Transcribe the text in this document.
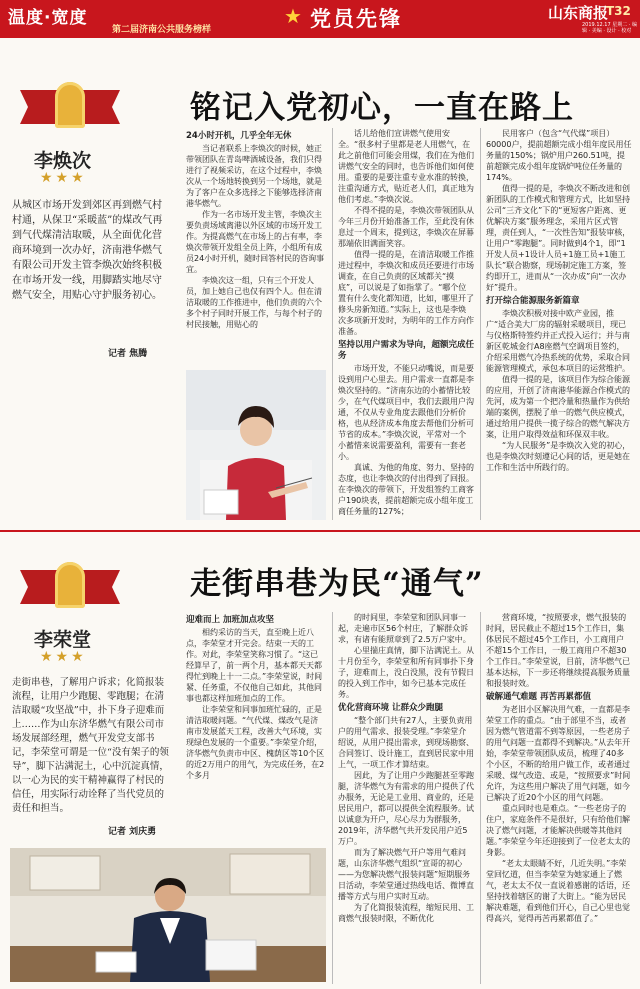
温度·宽度
第二届济南公共服务榜样
★ 党员先锋	山东商报
T32
2019.12.17 星期二 · 编辑 · 美编 · 设计 · 校对
李焕次
★★★
从城区市场开发到郊区再到燃气村村通，从保卫“采暖蓝”的煤改气再到气代煤清洁取暖，从全面优化营商环境到一次办好，济南港华燃气有限公司开发主管李焕次始终积极在市场开发一线，用脚踏实地尽守燃气安全，用贴心守护服务初心。
记者 焦腾
铭记入党初心，一直在路上
24小时开机，几乎全年无休

当记者联系上李焕次的时候，她正带领团队在青岛啤酒城设备，我们只得进行了视频采访，在这个过程中，李焕次从一个场地转换到另一个场地，就是为了客户在众多选择之下能够选择济南港华燃气。

作为一名市场开发主管，李焕次主要负责场域离港以外区域的市场开发工作。为提高燃气在市场上的占有率，李焕次带领开发组全员上阵，小组所有成员24小时开机，随时回答村民的咨询事宜。

李焕次这一组，只有三个开发人员，加上她自己也仅有四个人。但在清洁取暖的工作推进中，他们负责的六个多个村子同时开展工作，与每个村子的村民接触，用贴心的

话儿给他们宣讲燃气使用安全。“很多村子里都是老人用燃气，在此之前他们可能会用煤，我们在为他们讲燃气安全的同时，也告诉他们如何使用。重要的是要注重专业水准的转换，注重沟通方式，贴近老人们，真正地为他们考虑。”李焕次说。

不得不提的是，李焕次带领团队从今年三月份开始准备工作，至此没有休息过一个周末，提到这，李焕次在屏幕那端依旧满面笑容。

值得一提的是，在清洁取暖工作推进过程中，李焕次和成员还要进行市场调查，在自己负责的区域都关“摸底”，可以说是了如指掌了。“哪个位置有什么变化都知道，比如，哪里开了修头房新知道。”实际上，这也是李焕次多项新开发时，为明年的工作方向作准备。

坚持以用户需求为导向，超额完成任务

市场开发，不能只动嘴说，而是要设到用户心里去。用户需求一直都是李焕次坚持的。“济南东边的小蓄惜比较少，在气代煤项目中，我们去跟用户沟通，不仅从专业角度去跟他们分析价格，也从经济成本角度去帮他们分析可节省的成本。”李焕次说，平常对一个小蓄惜来说需要盈利，需要有一套老小。

真诚、为他的角度、努力、坚持的态度，也让李焕次的付出得到了回报。在李焕次的带领下，开发组签约工商客户190块表，提前超额完成小组年度工商任务量的127%；

民用客户（包含“气代煤”项目）60000户，提前超额完成小组年度民用任务量的150%；锅炉用户260.51吨，提前超额完成小组年度锅炉吨位任务量的174%。

值得一提的是，李焕次不断改进和创新团队的工作模式和管理方式，比如坚持公司“三齐文化”下的“更短客户距离、更优解决方案”服务理念，采用片区式管理，责任到人，“一次性告知”报装审核，让用户“零跑腿”。同时做到4个1，即“1开发人员+1设计人员+1施工员+1施工队长”联合勘察，现场制定施工方案，签约即开工，进而从“一次办成”向“一次办好”提升。

打开综合能源服务新篇章

李焕次积极对接中欧产业园，推广“适合美大厂房的辐射采暖项目，现已与仪格斯特签约并正式投入运行；并与南新区乾城金行A8座燃气空调项目签约，介绍采用燃气冷热系统的优势，采取合同能源管理模式，承包本项目的运营维护。

值得一提的是，该项目作为综合能源的应用，开创了济南港华能源合作模式的先河，成为第一个把冷量和热量作为供给端的案例，摆脱了单一的燃气供应模式，通过给用户提供一揽子综合的燃气解决方案，让用户取得效益和环保双丰收。

“为人民服务”是李焕次入党的初心，也是李焕次时刻遵记心间的话，更是她在工作和生活中所践行的。

李荣堂
★★★
走街串巷，了解用户诉求；化简报装流程，让用户少跑腿、零跑腿；在清洁取暖“攻坚战”中，扑下身子迎难而上……作为山东济华燃气有限公司市场发展部经理，燃气开发党支部书记，李荣堂可谓是一位“没有架子的领导”，脚下沾满泥土，心中沉淀真情，以一心为民的实干精神赢得了村民的信任，用实际行动诠释了当代党员的责任和担当。
记者 刘庆勇
走街串巷为民“通气”
迎难而上 加班加点攻坚

相约采访的当天，直至晚上近八点，李荣堂才开完会。结束一天的工作。对此，李荣堂笑称习惯了。“这已经算早了，前一两个月，基本都天天都得忙到晚上十一二点。”李荣堂说，时间紧、任务重，不仅他自己如此，其他同事也都这样加班加点的工作。

让李荣堂和同事加班忙碌的，正是清洁取暖问题。“气代煤、煤改气是济南市发展蓝天工程，改善大气环境，实现绿色发展的一个重要。”李荣堂介绍，济华燃气负责市中区、槐荫区等10个区的近2万用户的用气，为完成任务，在2个多月

的时间里，李荣堂和团队同事一起，走遍市区56个村庄，了解群众诉求，有诸有能照章到了2.5万户家中。

心里揣庄真情，脚下沾满泥土。从十月份至今，李荣堂和所有同事扑下身子，迎难而上，没白没黑，没有节假日的投入到工作中，如今已基本完成任务。

优化营商环境 让群众少跑腿

“整个部门共有27人，主要负责用户的用气需求、报装受理。”李荣堂介绍说，从用户提出需求，到现场勘察、合同签订、设计施工，直到居民家中用上气，一项工作才算结束。

因此，为了让用户少跑腿甚至零跑腿，济华燃气为有需求的用户提供了代办服务，无论是工业用、商业的，还是居民用户，都可以提供全流程服务。试以诚意为开户，尽心尽力为群服务，2019年，济华燃气共开发民用户近5万户。

而为了解决燃气开户等用气难问题，山东济华燃气组织“宣哥的初心——为您解决燃气报装问题”短期服务日活动，李荣堂通过热线电话、微博直播等方式与用户实时互动。

为了化简报装流程，缩短民用、工商燃气报装时限，不断优化

营商环境，“按照要求，燃气报装的时间，居民截止不超过15个工作日，集体居民不超过45个工作日，小工商用户不超15个工作日，一般工商用户不超30个工作日。”李荣堂说，目前，济华燃气已基本达标，下一步还将继续提高服务质量和报装时效。

破解通气难题 再苦再累都值

为老旧小区解决用气难，一直都是李荣堂工作的重点。“由于部里不当，或者因为燃气管道需不到等原因，一些老房子的用气问题一直都得不到解决。”从去年开始，李荣堂带领团队成员，梳理了40多个小区，不断的给用户做工作，或者通过采暖、煤气改造、或是，“按照要求”时间允许，为这些用户解决了用气问题，如今已解决了近20个小区的用气问题。

重点同时也是难点。“一些老房子的住户，家庭条件不是很好，只有给他们解决了燃气问题，才能解决供暖等其他问题。”李荣堂今年还迎接到了一位老太太的身影。

“老太太眼睛不好，几近失明。”李荣堂回忆道，但当李荣堂为她家通上了燃气，老太太不仅一直说着感谢的话语，还坚持找着辖区的谢了大街上。“能为居民解决难题，看到他们开心，自己心里也觉得高兴，觉得再苦再累都值了。”
